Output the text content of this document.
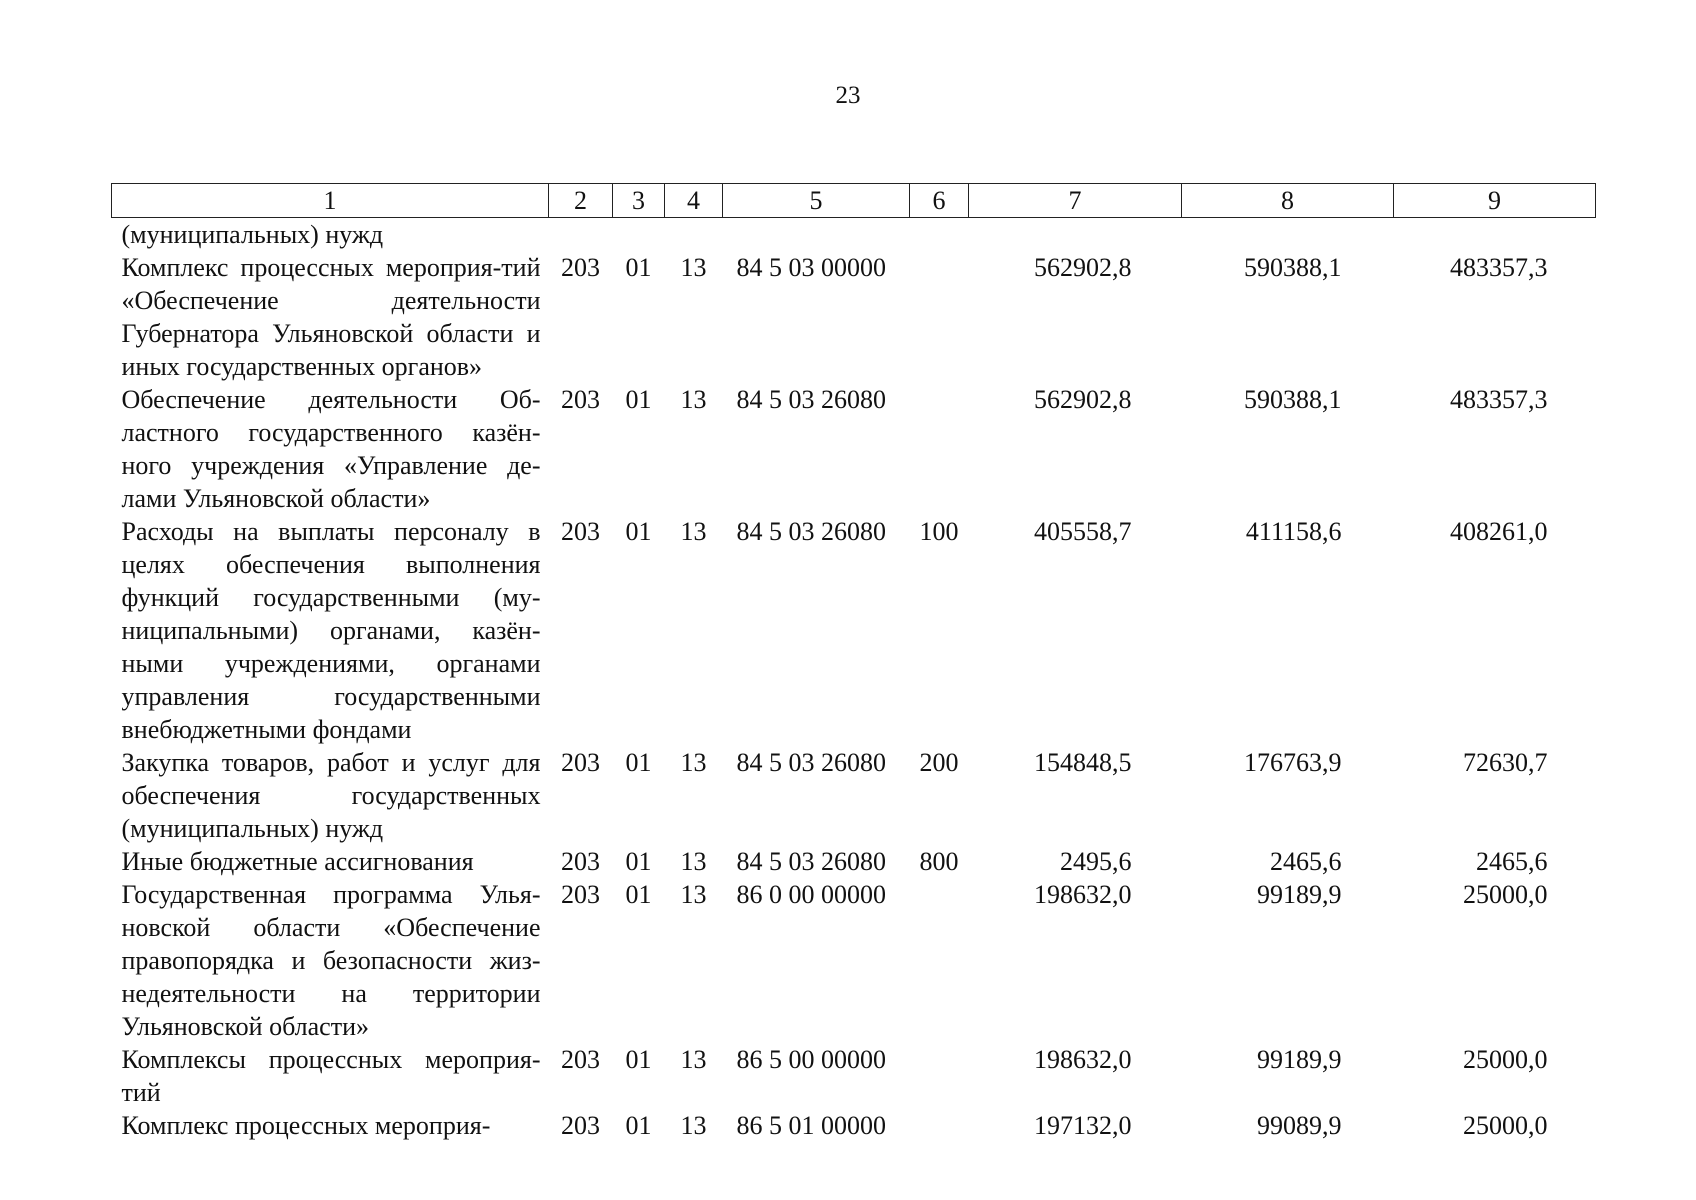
23
1	2	3	4	5	6	7	8	9
(муниципальных) нужд								
Комплекс процессных мероприя-тий «Обеспечение деятельности Губернатора Ульяновской области и иных государственных органов»	203	01	13	84 5 03 00000		562902,8	590388,1	483357,3
Обеспечение деятельности Об-ластного государственного казён-ного учреждения «Управление де-лами Ульяновской области»	203	01	13	84 5 03 26080		562902,8	590388,1	483357,3
Расходы на выплаты персоналу в целях обеспечения выполнения функций государственными (му-ниципальными) органами, казён-ными учреждениями, органами управления государственными внебюджетными фондами	203	01	13	84 5 03 26080	100	405558,7	411158,6	408261,0
Закупка товаров, работ и услуг для обеспечения государственных (муниципальных) нужд	203	01	13	84 5 03 26080	200	154848,5	176763,9	72630,7
Иные бюджетные ассигнования	203	01	13	84 5 03 26080	800	2495,6	2465,6	2465,6
Государственная программа Улья-новской области «Обеспечение правопорядка и безопасности жиз-недеятельности на территории Ульяновской области»	203	01	13	86 0 00 00000		198632,0	99189,9	25000,0
Комплексы процессных мероприя-тий	203	01	13	86 5 00 00000		198632,0	99189,9	25000,0
Комплекс процессных мероприя-	203	01	13	86 5 01 00000		197132,0	99089,9	25000,0
